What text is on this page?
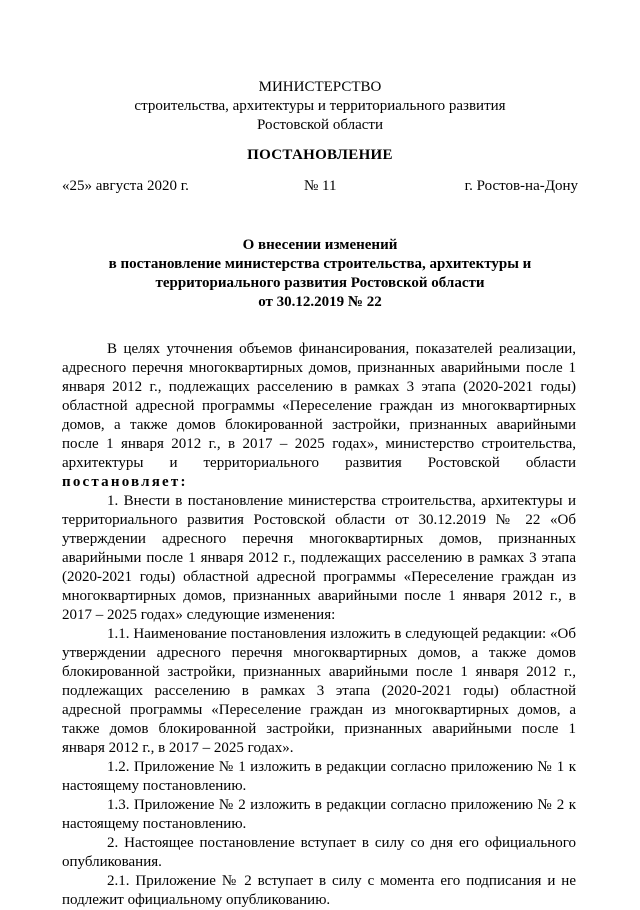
МИНИСТЕРСТВО
строительства, архитектуры и территориального развития
Ростовской области
ПОСТАНОВЛЕНИЕ
«25» августа 2020 г.	№ 11	г. Ростов-на-Дону
О внесении изменений
в постановление министерства строительства, архитектуры и
территориального развития Ростовской области
от 30.12.2019 № 22

В целях уточнения объемов финансирования, показателей реализации, адресного перечня многоквартирных домов, признанных аварийными после 1 января 2012 г., подлежащих расселению в рамках 3 этапа (2020-2021 годы) областной адресной программы «Переселение граждан из многоквартирных домов, а также домов блокированной застройки, признанных аварийными после 1 января 2012 г., в 2017 – 2025 годах», министерство строительства, архитектуры и территориального развития Ростовской области постановляет:

1. Внести в постановление министерства строительства, архитектуры и территориального развития Ростовской области от 30.12.2019 № 22 «Об утверждении адресного перечня многоквартирных домов, признанных аварийными после 1 января 2012 г., подлежащих расселению в рамках 3 этапа (2020-2021 годы) областной адресной программы «Переселение граждан из многоквартирных домов, признанных аварийными после 1 января 2012 г., в 2017 – 2025 годах» следующие изменения:

1.1. Наименование постановления изложить в следующей редакции: «Об утверждении адресного перечня многоквартирных домов, а также домов блокированной застройки, признанных аварийными после 1 января 2012 г., подлежащих расселению в рамках 3 этапа (2020-2021 годы) областной адресной программы «Переселение граждан из многоквартирных домов, а также домов блокированной застройки, признанных аварийными после 1 января 2012 г., в 2017 – 2025 годах».

1.2. Приложение № 1 изложить в редакции согласно приложению № 1 к настоящему постановлению.

1.3. Приложение № 2 изложить в редакции согласно приложению № 2 к настоящему постановлению.

2. Настоящее постановление вступает в силу со дня его официального опубликования.

2.1. Приложение № 2 вступает в силу с момента его подписания и не подлежит официальному опубликованию.
